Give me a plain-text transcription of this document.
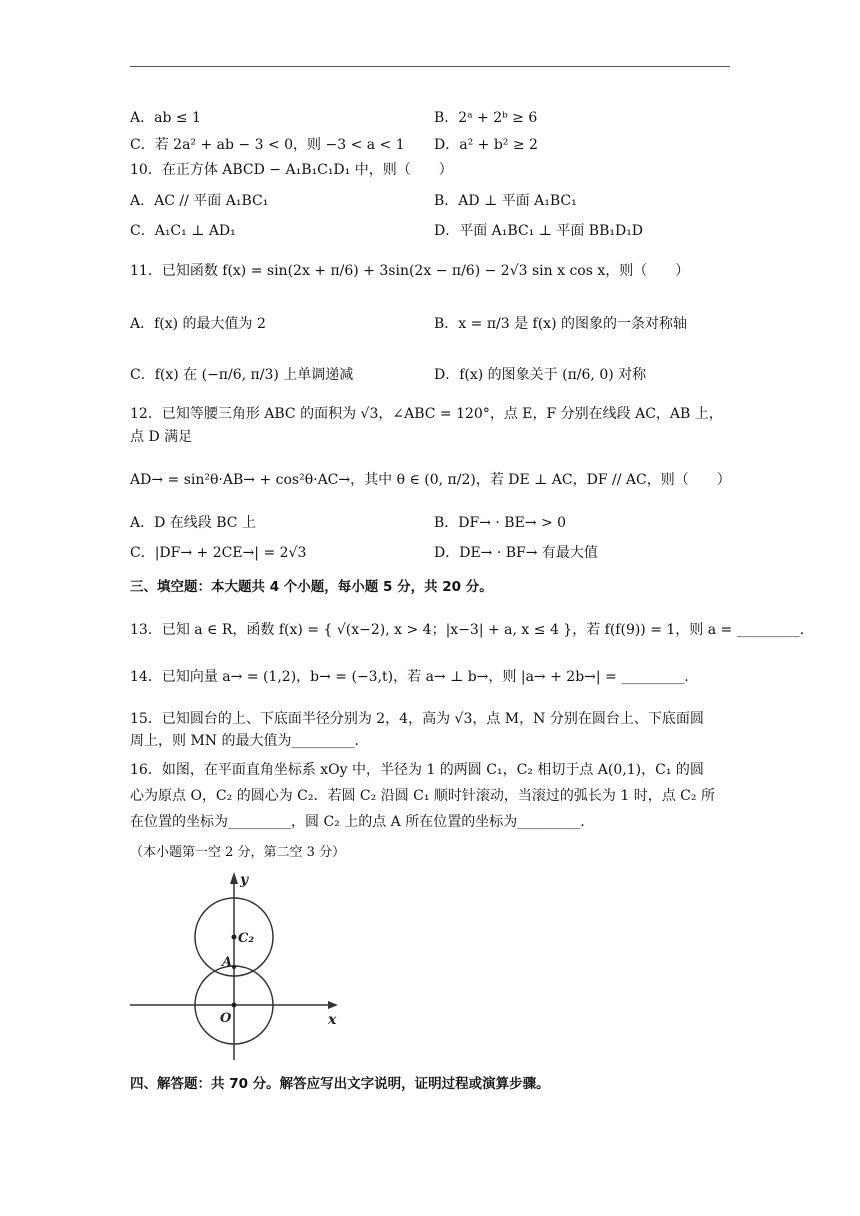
A．ab ≤ 1	B．2ᵃ + 2ᵇ ≥ 6
C．若 2a² + ab − 3 < 0，则 −3 < a < 1 D．a² + b² ≥ 2
10．在正方体 ABCD − A₁B₁C₁D₁ 中，则（　　）
A．AC // 平面 A₁BC₁	B．AD ⊥ 平面 A₁BC₁
C．A₁C₁ ⊥ AD₁	D．平面 A₁BC₁ ⊥ 平面 BB₁D₁D
11．已知函数 f(x) = sin(2x + π/6) + 3sin(2x − π/6) − 2√3 sin x cos x，则（　　）
A．f(x) 的最大值为 2	B．x = π/3 是 f(x) 的图象的一条对称轴
C．f(x) 在 (−π/6, π/3) 上单调递减	D．f(x) 的图象关于 (π/6, 0) 对称
12．已知等腰三角形 ABC 的面积为 √3，∠ABC = 120°，点 E，F 分别在线段 AC，AB 上，
点 D 满足
AD→ = sin²θ·AB→ + cos²θ·AC→，其中 θ ∈ (0, π/2)，若 DE ⊥ AC，DF // AC，则（　　）
A．D 在线段 BC 上	B．DF→ · BE→ > 0
C．|DF→ + 2CE→| = 2√3	D．DE→ · BF→ 有最大值
三、填空题：本大题共 4 个小题，每小题 5 分，共 20 分。
13．已知 a ∈ R，函数 f(x) = { √(x−2), x > 4；|x−3| + a, x ≤ 4 }，若 f(f(9)) = 1，则 a = _________.
14．已知向量 a→ = (1,2)，b→ = (−3,t)，若 a→ ⊥ b→，则 |a→ + 2b→| = _________.
15．已知圆台的上、下底面半径分别为 2，4，高为 √3，点 M，N 分别在圆台上、下底面圆
周上，则 MN 的最大值为_________.
16．如图，在平面直角坐标系 xOy 中，半径为 1 的两圆 C₁，C₂ 相切于点 A(0,1)，C₁ 的圆
心为原点 O，C₂ 的圆心为 C₂．若圆 C₂ 沿圆 C₁ 顺时针滚动，当滚过的弧长为 1 时，点 C₂ 所
在位置的坐标为_________，圆 C₂ 上的点 A 所在位置的坐标为_________.
（本小题第一空 2 分，第二空 3 分）
y
x
C₂
A
O
四、解答题：共 70 分。解答应写出文字说明，证明过程或演算步骤。
